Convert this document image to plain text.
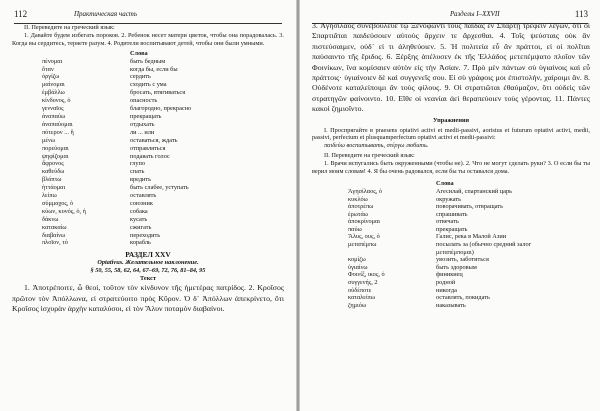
112	Практическая часть

II. Переведите на греческий язык:

1. Давайте будем избегать пороков. 2. Ребенок несет матери цветок, чтобы она порадовалась. 3. Когда вы сердитесь, теряете разум. 4. Родители воспитывают детей, чтобы они были умными.

Слова

πένομαι	быть бедным
ὅταν	когда бы, если бы
ὀργίζω	сердить
μαίνομαι	сходить с ума
ἐμβάλλω	бросать, втягиваться
κίνδυνος, ὁ	опасность
γενναῖος	благородно, прекрасно
ἀναπαύω	прекращать
ἀναπαύομαι	отдыхать
πότερον ... ἤ	ли ... или
μένω	оставаться, ждать
πορεύομαι	отправляться
ψηφίζομαι	подавать голос
ἄφρονος	глупо
καθεύδω	спать
βλάπτω	вредить
ἡττάομαι	быть слабее, уступать
λείπω	оставлять
σύμμαχος, ὁ	союзник
κύων, κυνός, ὁ, ἡ	собака
δάκνω	кусать
κατακαίω	сжигать
διαβαίνω	переходить
πλοῖον, τό	корабль

РАЗДЕЛ XXV

Optativus. Желательное наклонение.

§ 50, 55, 58, 62, 64, 67–69, 72, 76, 81–84, 95

Текст

1. Ἀποτρέποιτε, ὦ θεοί, τοῦτον τὸν κίνδυνον τῆς ἡμετέρας πατρίδος. 2. Κροῖσος πρῶτον τὸν Ἀπόλλωνα, εἰ στρατεύοιτο πρὸς Κῦρον. Ὁ δ᾽ Ἀπόλλων ἀπεκρίνετο, ὅτι Κροῖσος ἰσχυρὰν ἀρχὴν καταλύσοι, εἰ τὸν Ἅλυν ποταμὸν διαβαίνοι.

Разделы I–XXVII	113

3. Ἀγησίλαος συνεβούλευε τῷ Ξενοφῶντι τοὺς παῖδας ἐν Σπάρτῃ τρέφειν λέγων, ὅτι οἱ Σπαρτιᾶται παιδεύσοιεν αὐτοὺς ἄρχειν τε ἄρχεσθαι. 4. Τοῖς ψεύσταις οὐκ ἂν πιστεύσαιμεν, οὐδ᾽ εἰ τι ἀληθεύοιεν. 5. Ἡ πολιτεία εὖ ἂν πράττοι, εἰ οἱ πολῖται παύσαιντο τῆς ἔριδος. 6. Ξέρξης ἀπέλυσεν ἐκ τῆς Ἑλλάδος μετεπέμψατο πλοῖον τῶν Φοινίκων, ἵνα κομίσαιεν αὐτὸν εἰς τὴν Ἀσίαν. 7. Πρὸ μὲν πάντων σὺ ὑγιαίνοις καὶ εὖ πράττοις· ὑγιαίνοιεν δὲ καὶ συγγενεῖς σου. Εἰ σὺ γράφοις μοι ἐπιστολήν, χαίροιμι ἄν. 8. Οὐδένοτε καταλείποιμι ἂν τοὺς φίλους. 9. Οἱ στρατιῶται ἐθαύμαζον, ὅτι οὐδεὶς τῶν στρατηγῶν φαίνοιντο. 10. Εἴθε οἱ νεανίαι ἀεὶ θεραπεύοιεν τοὺς γέροντας. 11. Πάντες κακοὶ ζημιοῖντο.

Упражнения

I. Проспрягайте в praesens optativi activi et medii-passivi, aoristus et futurum optativi activi, medii, passivi, perfectum et plusquamperfectum optativi activi et medii-passivi:

παιδεύω воспитывать, στέργω любить.

II. Переведите на греческий язык:

1. Врачи испугались быть окруженными (чтобы не). 2. Что не могут сделать руки? 3. О если бы ты верил моим словам! 4. Я бы очень радовался, если бы ты оставался дома.

Слова

Ἀγησίλαος, ὁ	Агесилай, спартанский царь
κυκλόω	окружать
ἀποτρέπω	поворачивать, отвращать
ἐρωτάω	спрашивать
ἀποκρίνομαι	отвечать
παύω	прекращать
Ἅλυς, ους, ὁ	Галис, река в Малой Азии
μεταπέμπω	посылать за (обычно средний залог
μεταπέμπομαι)
κομίζω	увозить, заботиться
ὑγιαίνω	быть здоровым
Φοινίξ, ικος, ὁ	финикиец
συγγενής, 2	родной
οὐδέποτε	никогда
καταλείπω	оставлять, покидать
ζημιόω	наказывать
